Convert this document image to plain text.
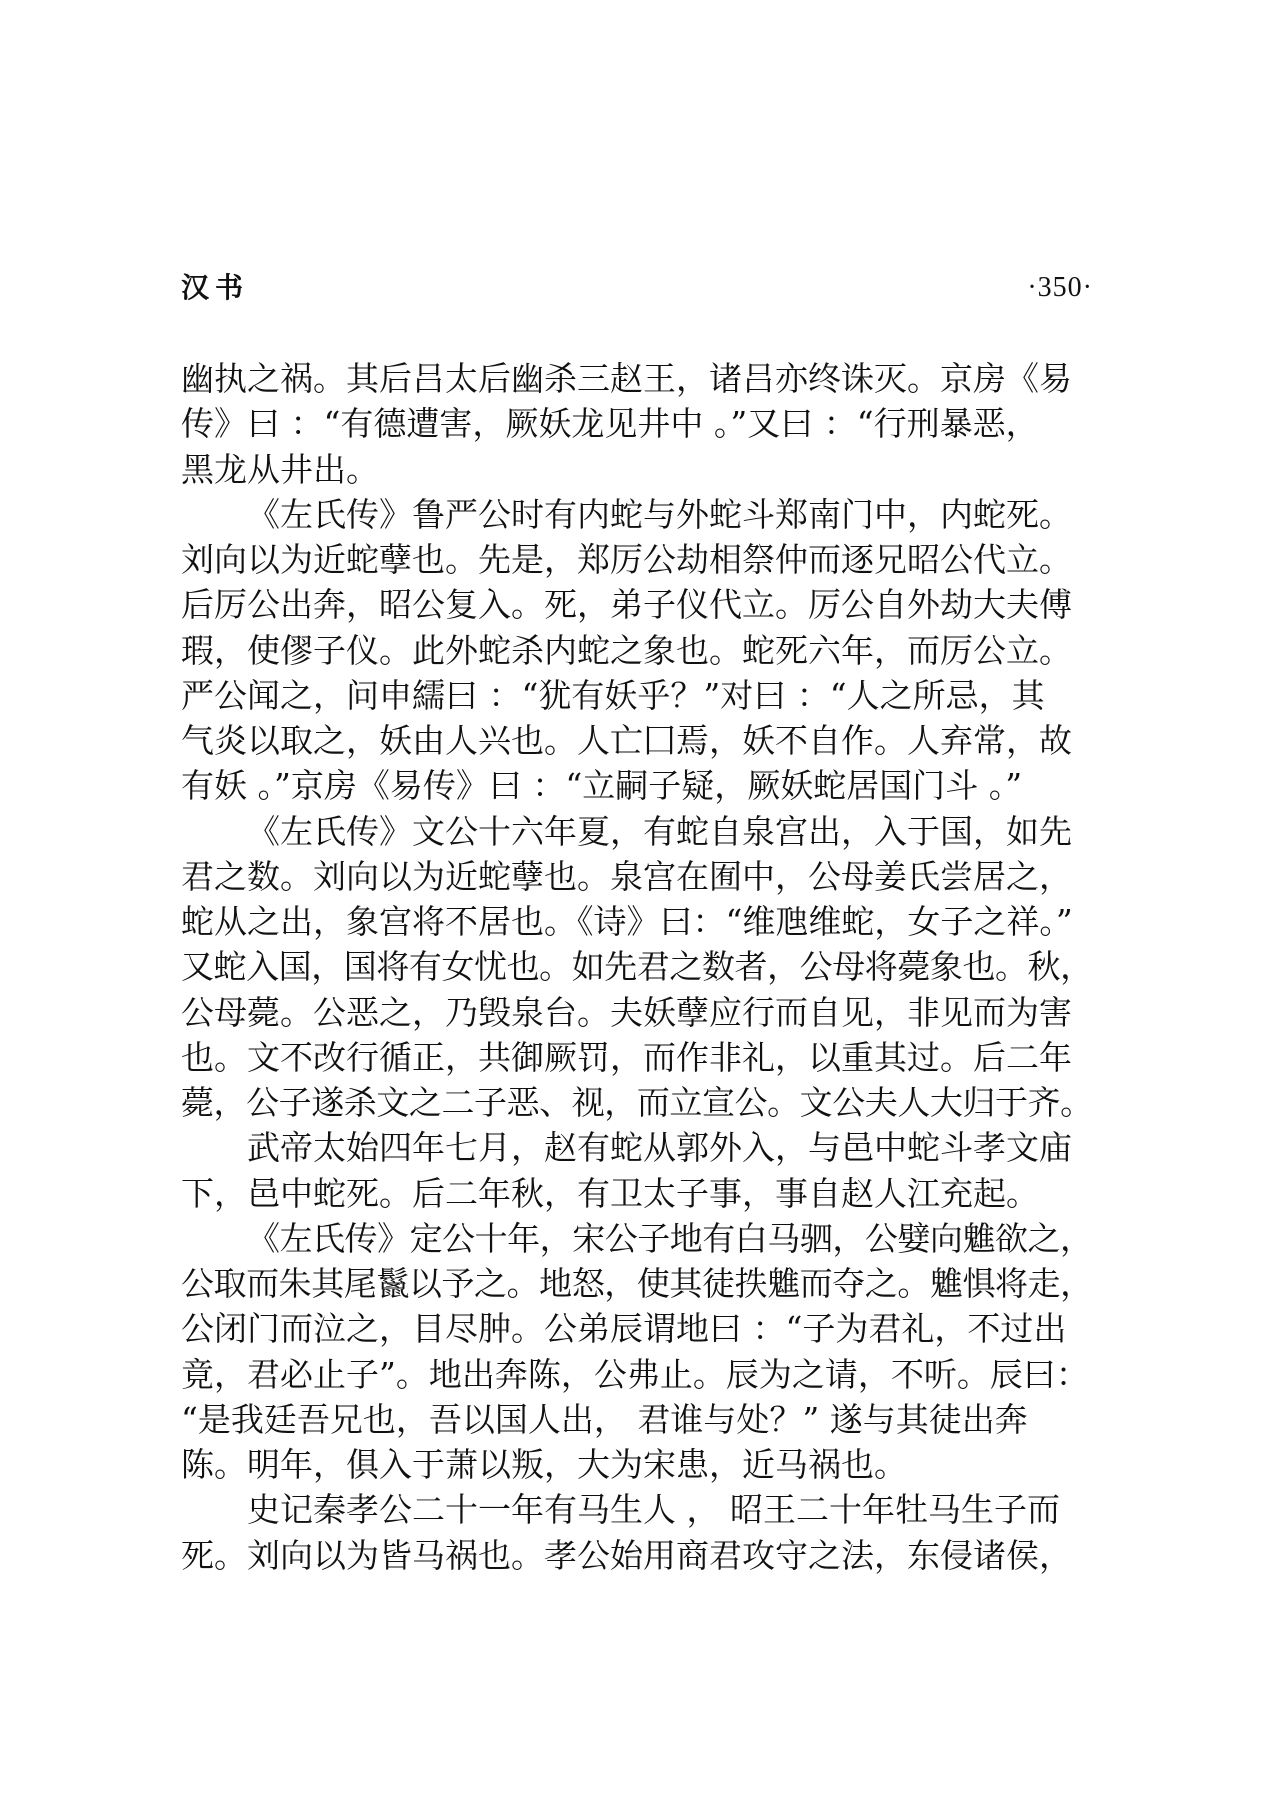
汉书	·350·
幽执之祸。其后吕太后幽杀三赵王，诸吕亦终诛灭。京房《易
传》曰 ：“有德遭害，厥妖龙见井中 。”又曰 ：“行刑暴恶，
黑龙从井出。
《左氏传》鲁严公时有内蛇与外蛇斗郑南门中，内蛇死。
刘向以为近蛇孽也。先是，郑厉公劫相祭仲而逐兄昭公代立。
后厉公出奔，昭公复入。死，弟子仪代立。厉公自外劫大夫傅
瑕，使僇子仪。此外蛇杀内蛇之象也。蛇死六年，而厉公立。
严公闻之，问申繻曰 ：“犹有妖乎？”对曰 ：“人之所忌，其
气炎以取之，妖由人兴也。人亡囗焉，妖不自作。人弃常，故
有妖 。”京房《易传》曰 ：“立嗣子疑，厥妖蛇居国门斗 。”
《左氏传》文公十六年夏，有蛇自泉宫出，入于国，如先
君之数。刘向以为近蛇孽也。泉宫在囿中，公母姜氏尝居之，
蛇从之出，象宫将不居也。《诗》曰：“维虺维蛇，女子之祥。”
又蛇入国，国将有女忧也。如先君之数者，公母将薨象也。秋，
公母薨。公恶之，乃毁泉台。夫妖孽应行而自见，非见而为害
也。文不改行循正，共御厥罚，而作非礼，以重其过。后二年
薨，公子遂杀文之二子恶、视，而立宣公。文公夫人大归于齐。
武帝太始四年七月，赵有蛇从郭外入，与邑中蛇斗孝文庙
下，邑中蛇死。后二年秋，有卫太子事，事自赵人江充起。
《左氏传》定公十年，宋公子地有白马驷，公嬖向魋欲之，
公取而朱其尾鬣以予之。地怒，使其徒抶魋而夺之。魋惧将走，
公闭门而泣之，目尽肿。公弟辰谓地曰 ：“子为君礼，不过出
竟，君必止子”。地出奔陈，公弗止。辰为之请，不听。辰曰：
“是我廷吾兄也，吾以国人出， 君谁与处？” 遂与其徒出奔
陈。明年，俱入于萧以叛，大为宋患，近马祸也。
史记秦孝公二十一年有马生人 ， 昭王二十年牡马生子而
死。刘向以为皆马祸也。孝公始用商君攻守之法，东侵诸侯，
